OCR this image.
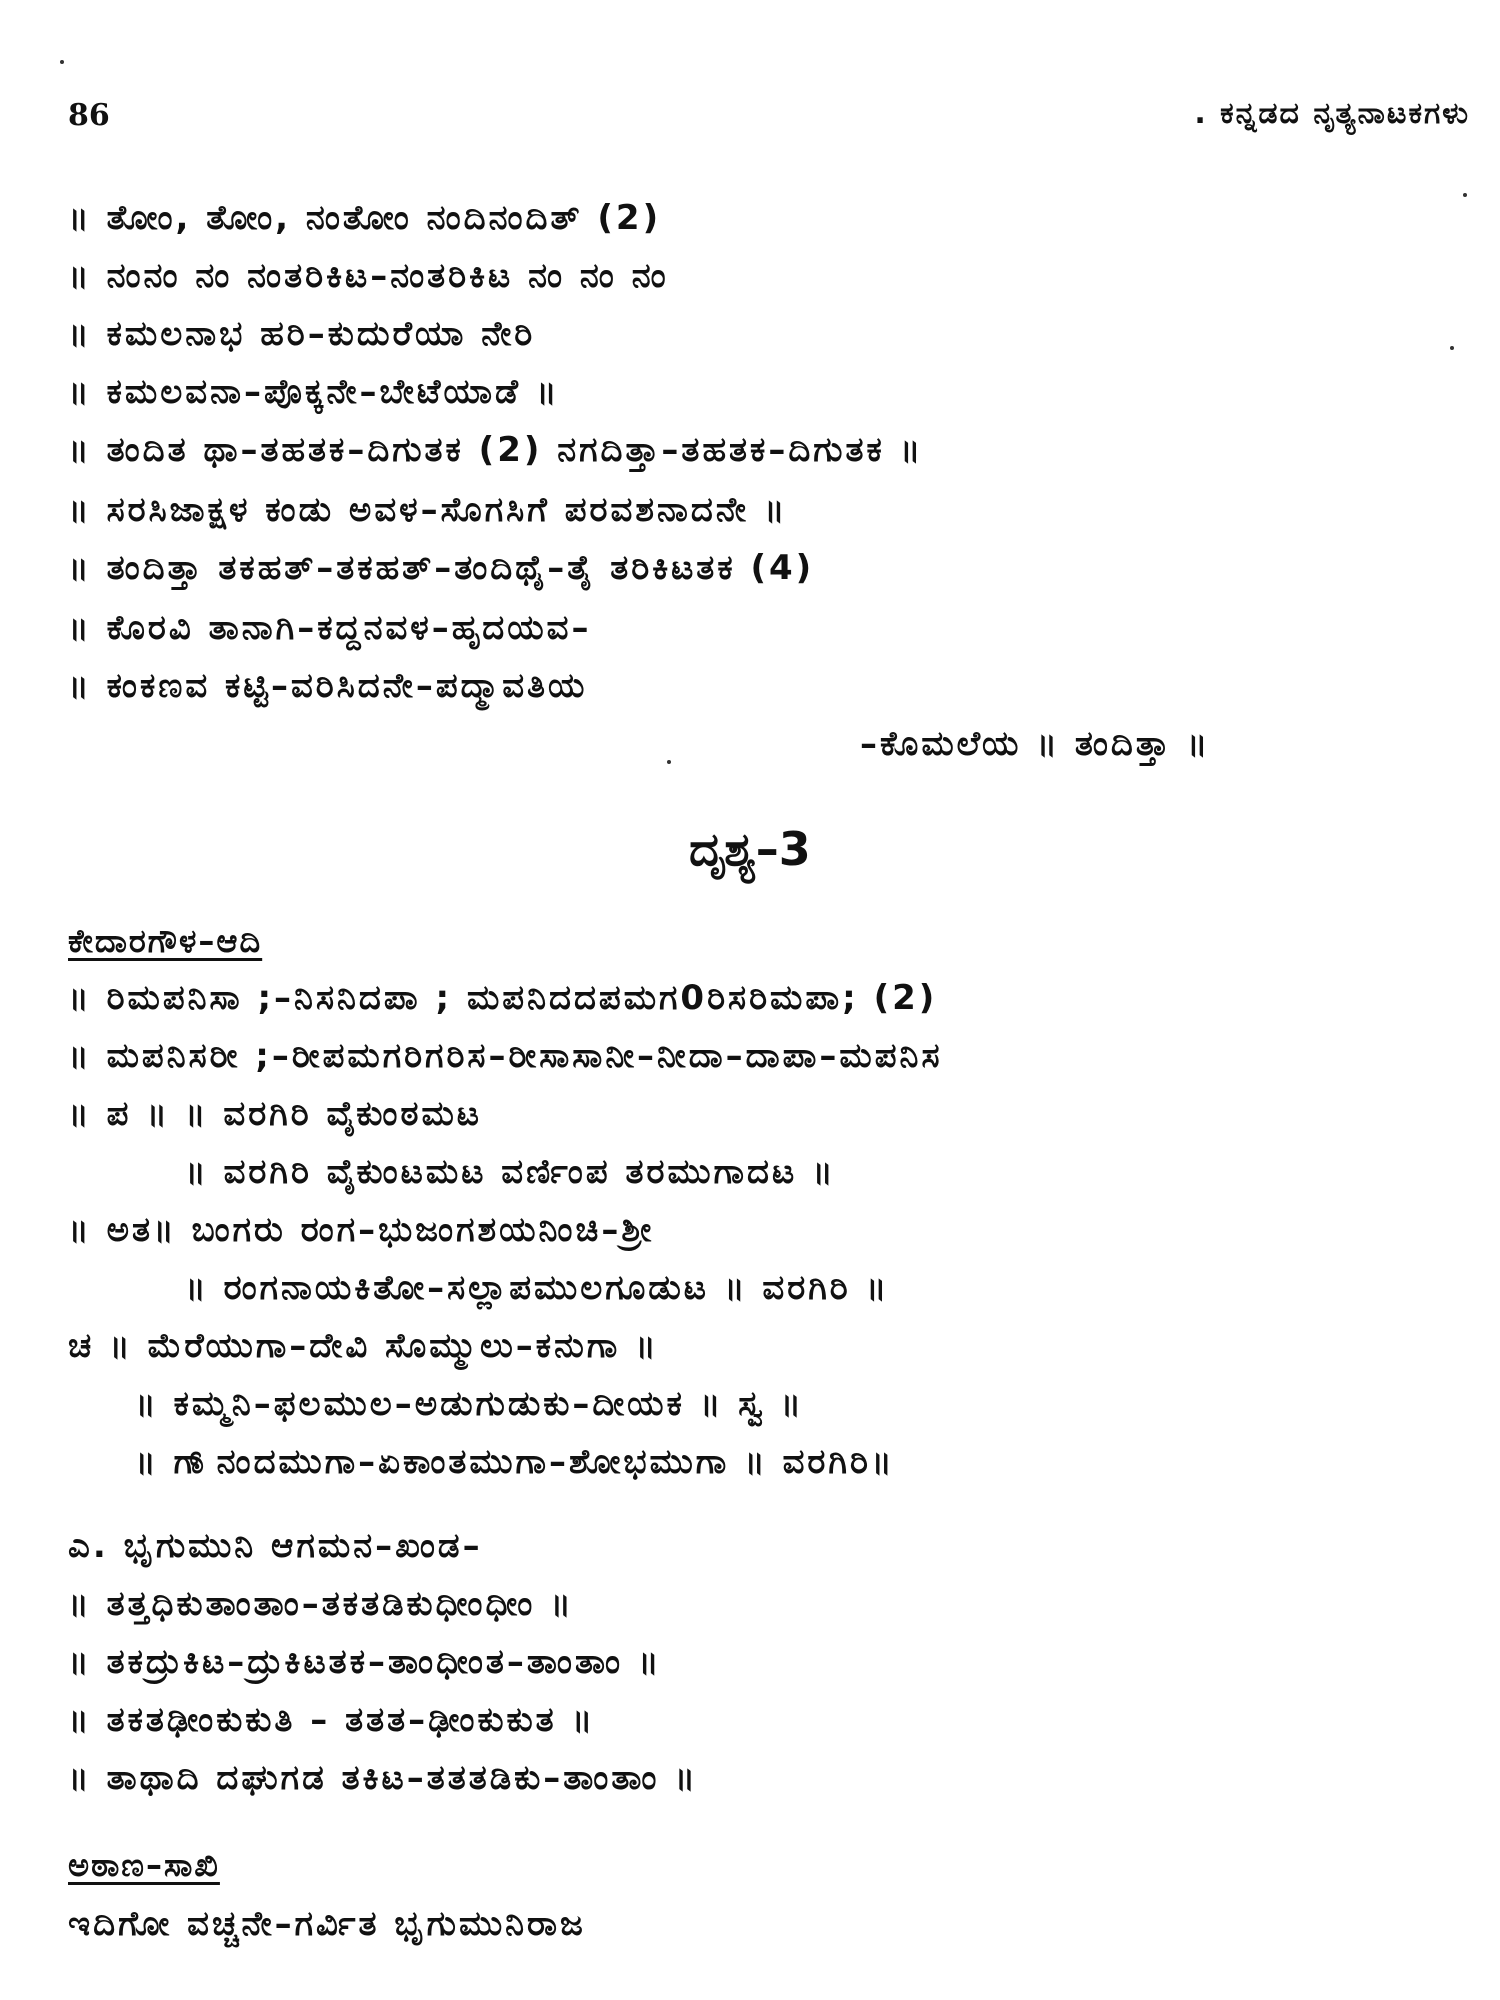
86	. ಕನ್ನಡದ ನೃತ್ಯನಾಟಕಗಳು
॥ ತೋಂ, ತೋಂ, ನಂತೋಂ ನಂದಿನಂದಿತ್ (2)
॥ ನಂನಂ ನಂ ನಂತರಿಕಿಟ–ನಂತರಿಕಿಟ ನಂ ನಂ ನಂ
॥ ಕಮಲನಾಭ ಹರಿ–ಕುದುರೆಯಾ ನೇರಿ
॥ ಕಮಲವನಾ–ಪೊಕ್ಕನೇ–ಬೇಟೆಯಾಡೆ ॥
॥ ತಂದಿತ ಥಾ–ತಹತಕ–ದಿಗುತಕ (2) ನಗದಿತ್ತಾ–ತಹತಕ–ದಿಗುತಕ ॥
॥ ಸರಸಿಜಾಕ್ಷಳ ಕಂಡು ಅವಳ–ಸೊಗಸಿಗೆ ಪರವಶನಾದನೇ ॥
॥ ತಂದಿತ್ತಾ ತಕಹತ್–ತಕಹತ್–ತಂದಿಥೈ–ತೈ ತರಿಕಿಟತಕ (4)
॥ ಕೊರವಿ ತಾನಾಗಿ–ಕದ್ದನವಳ–ಹೃದಯವ–
॥ ಕಂಕಣವ ಕಟ್ಟಿ–ವರಿಸಿದನೇ–ಪದ್ಮಾವತಿಯ
–ಕೊಮಲೆಯ ॥ ತಂದಿತ್ತಾ ॥
ದೃಶ್ಯ–3
ಕೇದಾರಗೌಳ–ಆದಿ
॥ ರಿಮಪನಿಸಾ ;–ನಿಸನಿದಪಾ ; ಮಪನಿದದಪಮಗ0ರಿಸರಿಮಪಾ; (2)
॥ ಮಪನಿಸರೀ ;–ರೀಪಮಗರಿಗರಿಸ–ರೀಸಾಸಾನೀ–ನೀದಾ–ದಾಪಾ–ಮಪನಿಸ
॥ ಪ ॥ ॥ ವರಗಿರಿ ವೈಕುಂಠಮಟ
॥ ವರಗಿರಿ ವೈಕುಂಟಮಟ ವರ್ಣಿಂಪ ತರಮುಗಾದಟ ॥
॥ ಅತ॥ ಬಂಗರು ರಂಗ–ಭುಜಂಗಶಯನಿಂಚಿ–ಶ್ರೀ
॥ ರಂಗನಾಯಕಿತೋ–ಸಲ್ಲಾಪಮುಲಗೂಡುಟ ॥ ವರಗಿರಿ ॥
ಚ ॥ ಮೆರೆಯುಗಾ–ದೇವಿ ಸೊಮ್ಮುಲು–ಕನುಗಾ ॥
॥ ಕಮ್ಮನಿ–ಫಲಮುಲ–ಅಡುಗುಡುಕು–ದೀಯಕ ॥ ಸ್ವ ॥
॥ ಗಾ್ನಂದಮುಗಾ–ಏಕಾಂತಮುಗಾ–ಶೋಭಮುಗಾ ॥ ವರಗಿರಿ॥
ಎ. ಭೃಗುಮುನಿ ಆಗಮನ–ಖಂಡ–
॥ ತತ್ತಧಿಕುತಾಂತಾಂ–ತಕತಡಿಕುಧೀಂಧೀಂ ॥
॥ ತಕದ್ರುಕಿಟ–ದ್ರುಕಿಟತಕ–ತಾಂಧೀಂತ–ತಾಂತಾಂ ॥
॥ ತಕತಢೀಂಕುಕುತಿ – ತತತ–ಢೀಂಕುಕುತ ॥
॥ ತಾಥಾದಿ ದಘುಗಡ ತಕಿಟ–ತತತಡಿಕು–ತಾಂತಾಂ ॥
ಅಠಾಣ–ಸಾಖಿ
ಇದಿಗೋ ವಚ್ಚನೇ–ಗರ್ವಿತ ಭೃಗುಮುನಿರಾಜ
